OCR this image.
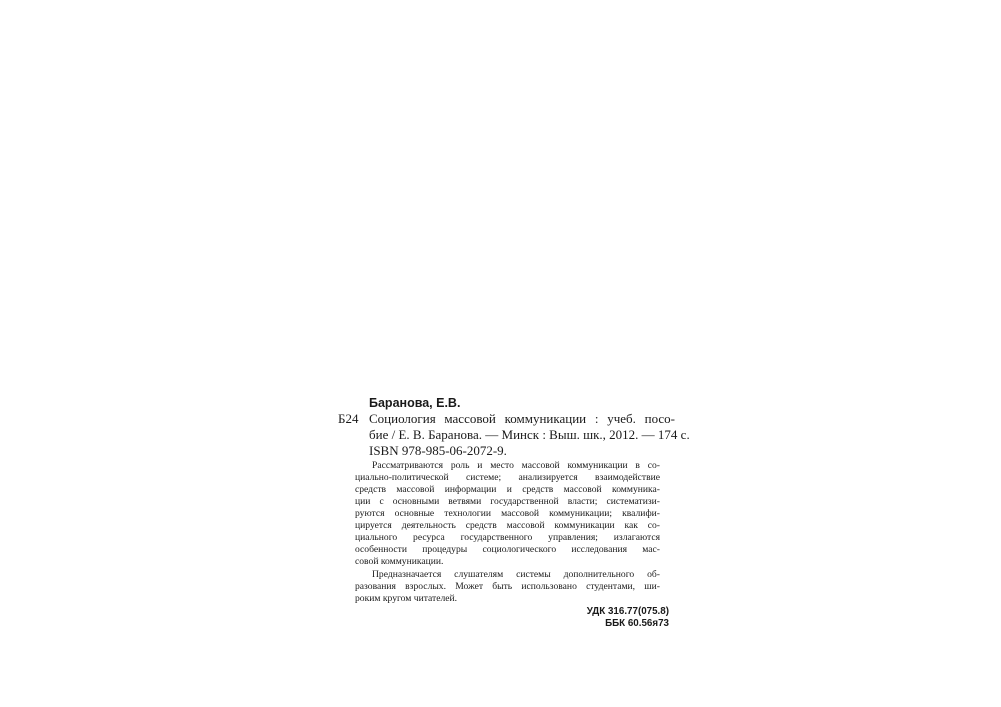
Баранова, Е.В.
Б24 Социология массовой коммуникации : учеб. посо-
бие / Е. В. Баранова. — Минск : Выш. шк., 2012. — 174 с.
ISBN 978-985-06-2072-9.
Рассматриваются роль и место массовой коммуникации в со-
циально-политической системе; анализируется взаимодействие
средств массовой информации и средств массовой коммуника-
ции с основными ветвями государственной власти; систематизи-
руются основные технологии массовой коммуникации; квалифи-
цируется деятельность средств массовой коммуникации как со-
циального ресурса государственного управления; излагаются
особенности процедуры социологического исследования мас-
совой коммуникации.
Предназначается слушателям системы дополнительного об-
разования взрослых. Может быть использовано студентами, ши-
роким кругом читателей.
УДК 316.77(075.8)
ББК 60.56я73
